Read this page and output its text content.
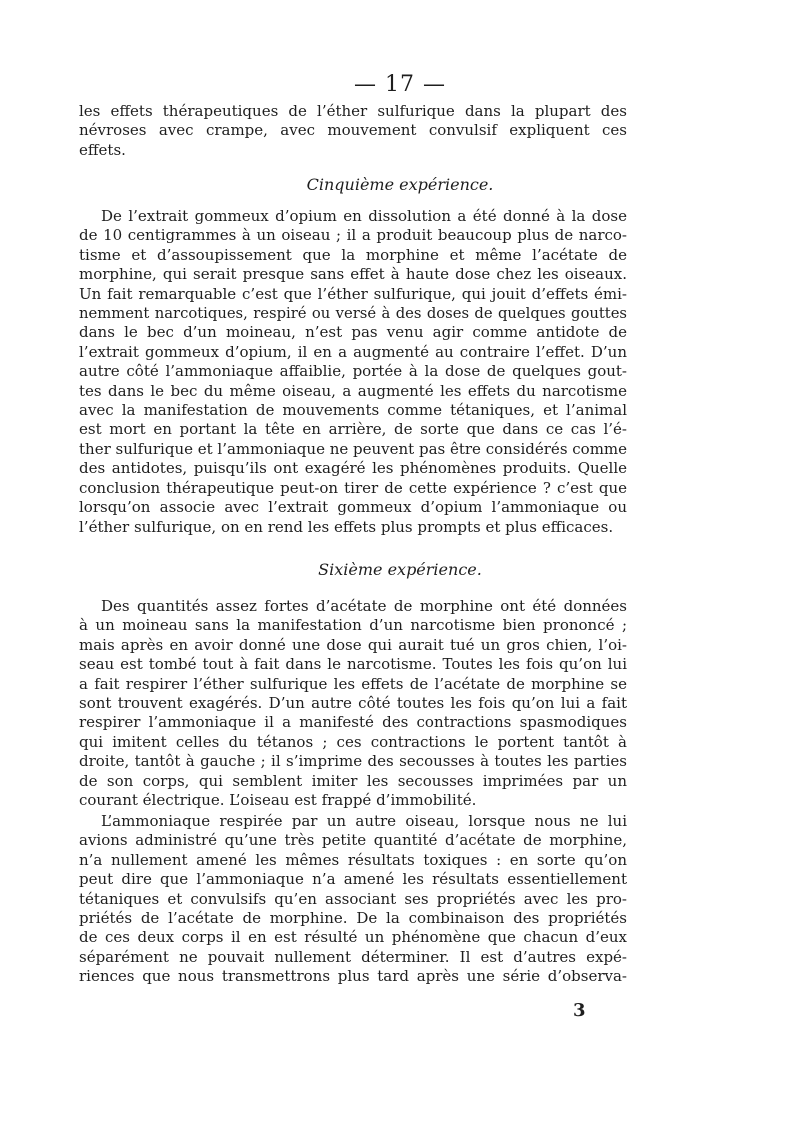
— 17 —
les effets thérapeutiques de l’éther sulfurique dans la plupart des
névroses avec crampe, avec mouvement convulsif expliquent ces
effets.
Cinquième expérience.
De l’extrait gommeux d’opium en dissolution a été donné à la dose
de 10 centigrammes à un oiseau ; il a produit beaucoup plus de narco-
tisme et d’assoupissement que la morphine et même l’acétate de
morphine, qui serait presque sans effet à haute dose chez les oiseaux.
Un fait remarquable c’est que l’éther sulfurique, qui jouit d’effets émi-
nemment narcotiques, respiré ou versé à des doses de quelques gouttes
dans le bec d’un moineau, n’est pas venu agir comme antidote de
l’extrait gommeux d’opium, il en a augmenté au contraire l’effet. D’un
autre côté l’ammoniaque affaiblie, portée à la dose de quelques gout-
tes dans le bec du même oiseau, a augmenté les effets du narcotisme
avec la manifestation de mouvements comme tétaniques, et l’animal
est mort en portant la tête en arrière, de sorte que dans ce cas l’é-
ther sulfurique et l’ammoniaque ne peuvent pas être considérés comme
des antidotes, puisqu’ils ont exagéré les phénomènes produits. Quelle
conclusion thérapeutique peut-on tirer de cette expérience ? c’est que
lorsqu’on associe avec l’extrait gommeux d’opium l’ammoniaque ou
l’éther sulfurique, on en rend les effets plus prompts et plus efficaces.
Sixième expérience.
Des quantités assez fortes d’acétate de morphine ont été données
à un moineau sans la manifestation d’un narcotisme bien prononcé ;
mais après en avoir donné une dose qui aurait tué un gros chien, l’oi-
seau est tombé tout à fait dans le narcotisme. Toutes les fois qu’on lui
a fait respirer l’éther sulfurique les effets de l’acétate de morphine se
sont trouvent exagérés. D’un autre côté toutes les fois qu’on lui a fait
respirer l’ammoniaque il a manifesté des contractions spasmodiques
qui imitent celles du tétanos ; ces contractions le portent tantôt à
droite, tantôt à gauche ; il s’imprime des secousses à toutes les parties
de son corps, qui semblent imiter les secousses imprimées par un
courant électrique. L’oiseau est frappé d’immobilité.
L’ammoniaque respirée par un autre oiseau, lorsque nous ne lui
avions administré qu’une très petite quantité d’acétate de morphine,
n’a nullement amené les mêmes résultats toxiques : en sorte qu’on
peut dire que l’ammoniaque n’a amené les résultats essentiellement
tétaniques et convulsifs qu’en associant ses propriétés avec les pro-
priétés de l’acétate de morphine. De la combinaison des propriétés
de ces deux corps il en est résulté un phénomène que chacun d’eux
séparément ne pouvait nullement déterminer. Il est d’autres expé-
riences que nous transmettrons plus tard après une série d’observa-
3
